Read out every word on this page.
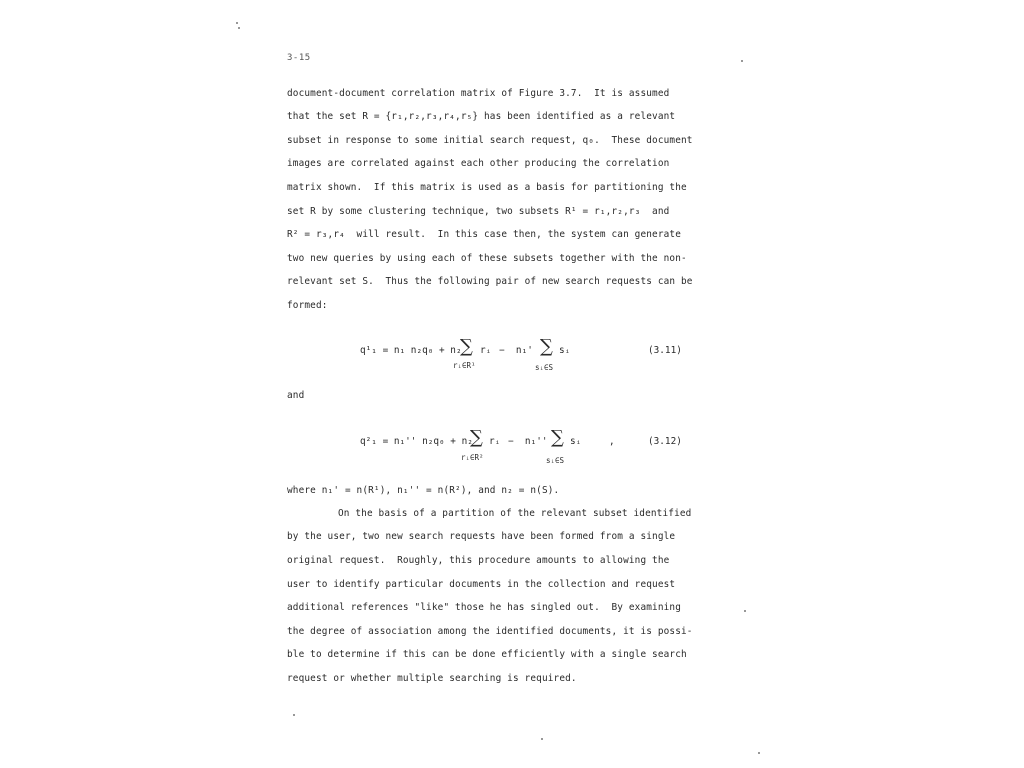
3-15
document-document correlation matrix of Figure 3.7.  It is assumed
that the set R = {r₁,r₂,r₃,r₄,r₅} has been identified as a relevant
subset in response to some initial search request, q₀.  These document
images are correlated against each other producing the correlation
matrix shown.  If this matrix is used as a basis for partitioning the
set R by some clustering technique, two subsets R¹ = r₁,r₂,r₃  and
R² = r₃,r₄  will result.  In this case then, the system can generate
two new queries by using each of these subsets together with the non-
relevant set S.  Thus the following pair of new search requests can be
formed:
q¹₁ = n₁ n₂q₀ + n₂
∑ rᵢ
rᵢ∈R¹
−  n₁' ∑ sᵢ
sᵢ∈S
(3.11)
and
q²₁ = n₁'' n₂q₀ + n₂
∑ rᵢ
rᵢ∈R²
−  n₁'' ∑ sᵢ
sᵢ∈S
,	(3.12)
where n₁' = n(R¹), n₁'' = n(R²), and n₂ = n(S).
On the basis of a partition of the relevant subset identified
by the user, two new search requests have been formed from a single
original request.  Roughly, this procedure amounts to allowing the
user to identify particular documents in the collection and request
additional references "like" those he has singled out.  By examining
the degree of association among the identified documents, it is possi-
ble to determine if this can be done efficiently with a single search
request or whether multiple searching is required.
